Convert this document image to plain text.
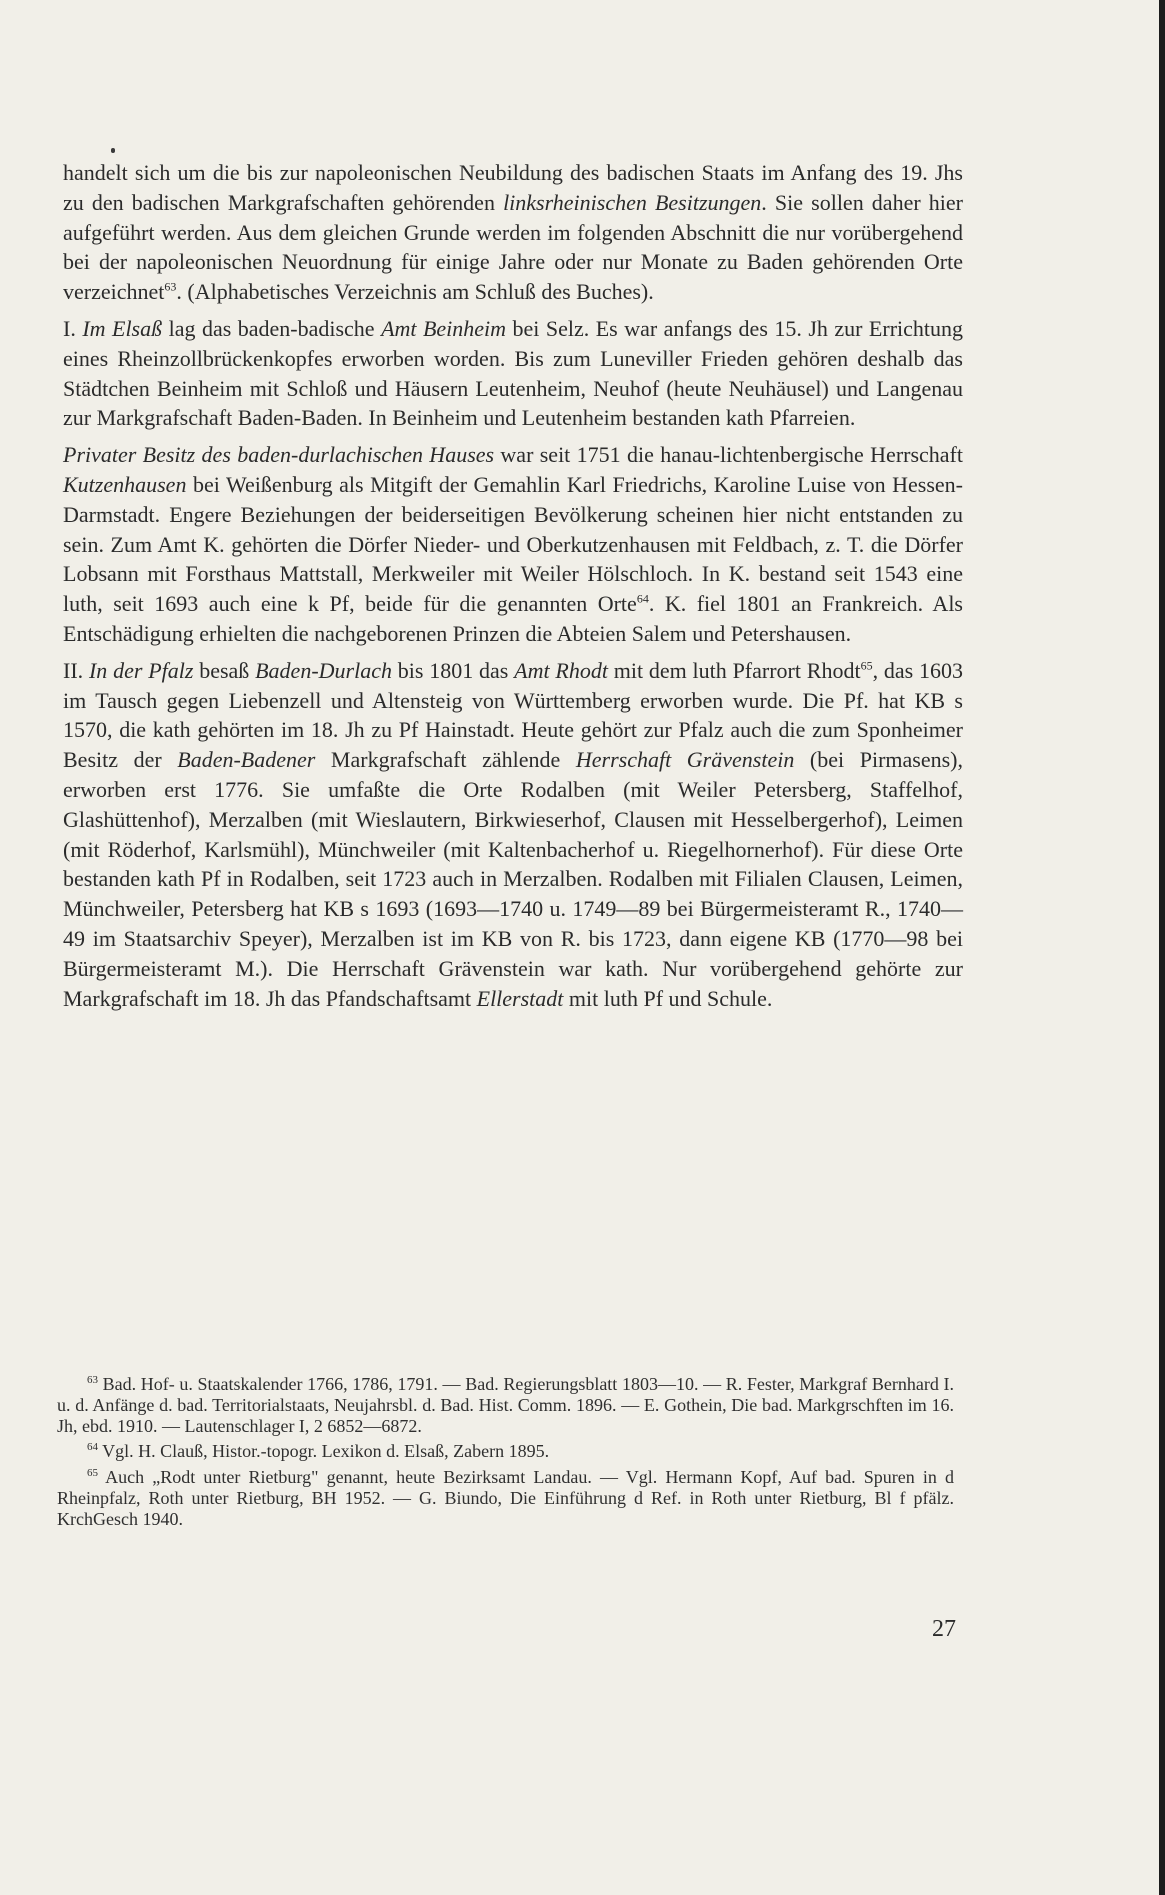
handelt sich um die bis zur napoleonischen Neubildung des badischen Staats im Anfang des 19. Jhs zu den badischen Markgrafschaften gehörenden linksrheinischen Besitzungen. Sie sollen daher hier aufgeführt werden. Aus dem gleichen Grunde werden im folgenden Abschnitt die nur vorübergehend bei der napoleonischen Neuordnung für einige Jahre oder nur Monate zu Baden gehörenden Orte verzeichnet$^{63}$. (Alphabetisches Verzeichnis am Schluß des Buches).

I. Im Elsaß lag das baden-badische Amt Beinheim bei Selz. Es war anfangs des 15. Jh zur Errichtung eines Rheinzollbrückenkopfes erworben worden. Bis zum Luneviller Frieden gehören deshalb das Städtchen Beinheim mit Schloß und Häusern Leutenheim, Neuhof (heute Neuhäusel) und Langenau zur Markgrafschaft Baden-Baden. In Beinheim und Leutenheim bestanden kath Pfarreien.

Privater Besitz des baden-durlachischen Hauses war seit 1751 die hanau-lichtenbergische Herrschaft Kutzenhausen bei Weißenburg als Mitgift der Gemahlin Karl Friedrichs, Karoline Luise von Hessen-Darmstadt. Engere Beziehungen der beiderseitigen Bevölkerung scheinen hier nicht entstanden zu sein. Zum Amt K. gehörten die Dörfer Nieder- und Oberkutzenhausen mit Feldbach, z. T. die Dörfer Lobsann mit Forsthaus Mattstall, Merkweiler mit Weiler Hölschloch. In K. bestand seit 1543 eine luth, seit 1693 auch eine k Pf, beide für die genannten Orte$^{64}$. K. fiel 1801 an Frankreich. Als Entschädigung erhielten die nachgeborenen Prinzen die Abteien Salem und Petershausen.

II. In der Pfalz besaß Baden-Durlach bis 1801 das Amt Rhodt mit dem luth Pfarrort Rhodt$^{65}$, das 1603 im Tausch gegen Liebenzell und Altensteig von Württemberg erworben wurde. Die Pf. hat KB s 1570, die kath gehörten im 18. Jh zu Pf Hainstadt. Heute gehört zur Pfalz auch die zum Sponheimer Besitz der Baden-Badener Markgrafschaft zählende Herrschaft Grävenstein (bei Pirmasens), erworben erst 1776. Sie umfaßte die Orte Rodalben (mit Weiler Petersberg, Staffelhof, Glashüttenhof), Merzalben (mit Wieslautern, Birkwieserhof, Clausen mit Hesselbergerhof), Leimen (mit Röderhof, Karlsmühl), Münchweiler (mit Kaltenbacherhof u. Riegelhornerhof). Für diese Orte bestanden kath Pf in Rodalben, seit 1723 auch in Merzalben. Rodalben mit Filialen Clausen, Leimen, Münchweiler, Petersberg hat KB s 1693 (1693—1740 u. 1749—89 bei Bürgermeisteramt R., 1740—49 im Staatsarchiv Speyer), Merzalben ist im KB von R. bis 1723, dann eigene KB (1770—98 bei Bürgermeisteramt M.). Die Herrschaft Grävenstein war kath. Nur vorübergehend gehörte zur Markgrafschaft im 18. Jh das Pfandschaftsamt Ellerstadt mit luth Pf und Schule.

$^{63}$ Bad. Hof- u. Staatskalender 1766, 1786, 1791. — Bad. Regierungsblatt 1803—10. — R. Fester, Markgraf Bernhard I. u. d. Anfänge d. bad. Territorialstaats, Neujahrsbl. d. Bad. Hist. Comm. 1896. — E. Gothein, Die bad. Markgrschften im 16. Jh, ebd. 1910. — Lautenschlager I, 2 6852—6872.

$^{64}$ Vgl. H. Clauß, Histor.-topogr. Lexikon d. Elsaß, Zabern 1895.

$^{65}$ Auch „Rodt unter Rietburg" genannt, heute Bezirksamt Landau. — Vgl. Hermann Kopf, Auf bad. Spuren in d Rheinpfalz, Roth unter Rietburg, BH 1952. — G. Biundo, Die Einführung d Ref. in Roth unter Rietburg, Bl f pfälz. KrchGesch 1940.

27
